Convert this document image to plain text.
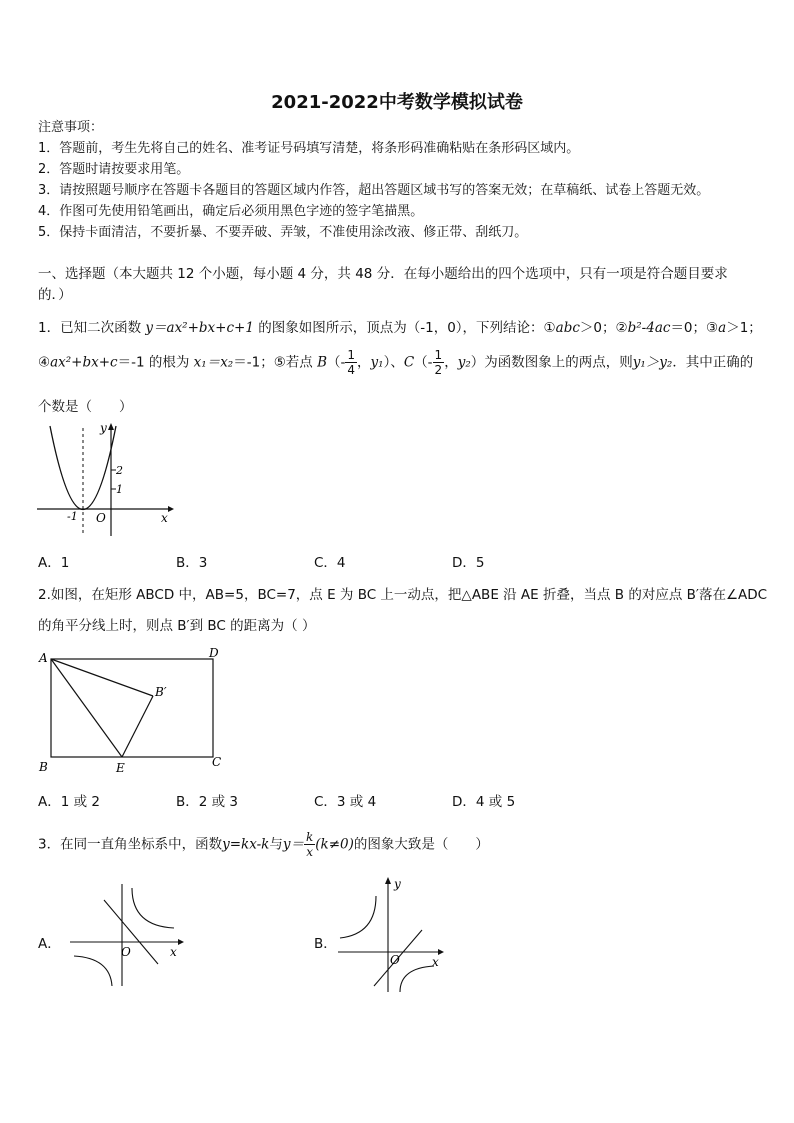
2021-2022中考数学模拟试卷
注意事项：
1．答题前，考生先将自己的姓名、准考证号码填写清楚，将条形码准确粘贴在条形码区域内。
2．答题时请按要求用笔。
3．请按照题号顺序在答题卡各题目的答题区域内作答，超出答题区域书写的答案无效；在草稿纸、试卷上答题无效。
4．作图可先使用铅笔画出，确定后必须用黑色字迹的签字笔描黑。
5．保持卡面清洁，不要折暴、不要弄破、弄皱，不准使用涂改液、修正带、刮纸刀。
一、选择题（本大题共 12 个小题，每小题 4 分，共 48 分．在每小题给出的四个选项中，只有一项是符合题目要求
的．）
1．已知二次函数 y＝ax²+bx+c+1 的图象如图所示，顶点为（-1，0），下列结论：①abc＞0；②b²-4ac＝0；③a＞1；
④ax²+bx+c＝-1 的根为 x₁＝x₂＝-1；⑤若点 $B(- \frac{1}{4}$ ，y₁）、$C(- \frac{1}{2}$ ，y₂）为函数图象上的两点，则y₁＞y₂．其中正确的
个数是（　　）
y
x
O
-1
2
1
A．1	B．3	C．4	D．5
2.如图，在矩形 ABCD 中，AB=5，BC=7，点 E 为 BC 上一动点，把△ABE 沿 AE 折叠，当点 B 的对应点 B′落在∠ADC
的角平分线上时，则点 B′到 BC 的距离为（ ）
A	D
B	C
E
B′
A．1 或 2	B．2 或 3	C．3 或 4	D．4 或 5
3．在同一直角坐标系中，函数y=kx-k与$y= \frac{k}{x} (k\ne 0)$的图象大致是（　　）
A．	O	x	B．
O	x
y
